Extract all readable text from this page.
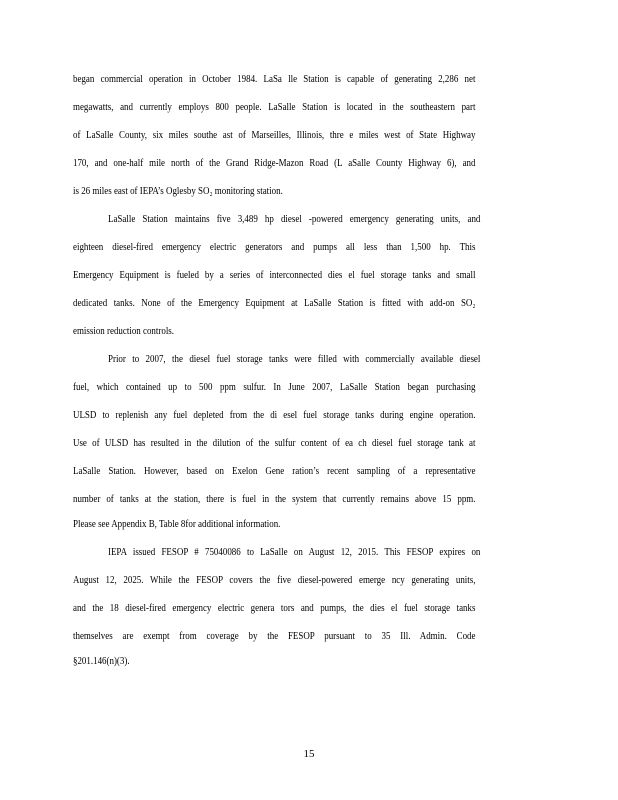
began commercial operation in October 1984. LaSa lle Station is capable of generating 2,286 net
megawatts, and currently employs 800 people. LaSalle Station is located in the southeastern part
of LaSalle County, six miles southe ast of Marseilles, Illinois, thre e miles west of State Highway
170, and one-half mile north of the Grand Ridge-Mazon Road (L aSalle County Highway 6), and
is 26 miles east of IEPA’s Oglesby SO₂ monitoring station.
LaSalle Station maintains five 3,489 hp diesel -powered emergency generating units, and
eighteen diesel-fired emergency electric generators and pumps all less than 1,500 hp. This
Emergency Equipment is fueled by a series of interconnected dies el fuel storage tanks and small
dedicated tanks. None of the Emergency Equipment at LaSalle Station is fitted with add-on SO₂
emission reduction controls.
Prior to 2007, the diesel fuel storage tanks were filled with commercially available diesel
fuel, which contained up to 500 ppm sulfur. In June 2007, LaSalle Station began purchasing
ULSD to replenish any fuel depleted from the di esel fuel storage tanks during engine operation.
Use of ULSD has resulted in the dilution of the sulfur content of ea ch diesel fuel storage tank at
LaSalle Station. However, based on Exelon Gene ration’s recent sampling of a representative
number of tanks at the station, there is fuel in the system that currently remains above 15 ppm.
Please see Appendix B, Table 8for additional information.
IEPA issued FESOP # 75040086 to LaSalle on August 12, 2015. This FESOP expires on
August 12, 2025. While the FESOP covers the five diesel-powered emerge ncy generating units,
and the 18 diesel-fired emergency electric genera tors and pumps, the dies el fuel storage tanks
themselves are exempt from coverage by the FESOP pursuant to 35 Ill. Admin. Code
§201.146(n)(3).
15
